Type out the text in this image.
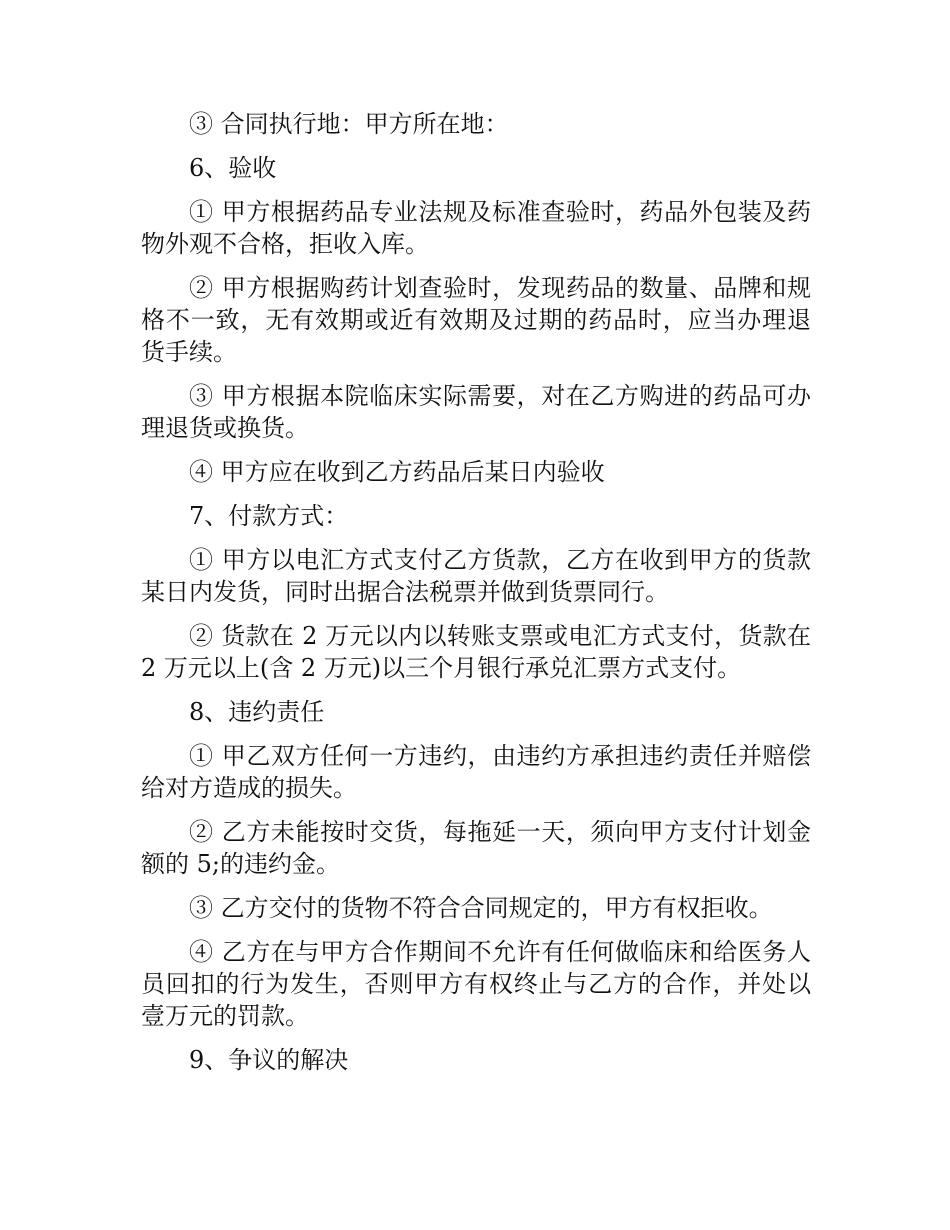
③ 合同执行地：甲方所在地：

6、验收

① 甲方根据药品专业法规及标准查验时，药品外包装及药物外观不合格，拒收入库。

② 甲方根据购药计划查验时，发现药品的数量、品牌和规格不一致，无有效期或近有效期及过期的药品时，应当办理退货手续。

③ 甲方根据本院临床实际需要，对在乙方购进的药品可办理退货或换货。

④ 甲方应在收到乙方药品后某日内验收

7、付款方式：

① 甲方以电汇方式支付乙方货款，乙方在收到甲方的货款某日内发货，同时出据合法税票并做到货票同行。

② 货款在 2 万元以内以转账支票或电汇方式支付，货款在 2 万元以上(含 2 万元)以三个月银行承兑汇票方式支付。

8、违约责任

① 甲乙双方任何一方违约，由违约方承担违约责任并赔偿给对方造成的损失。

② 乙方未能按时交货，每拖延一天，须向甲方支付计划金额的 5;的违约金。

③ 乙方交付的货物不符合合同规定的，甲方有权拒收。

④ 乙方在与甲方合作期间不允许有任何做临床和给医务人员回扣的行为发生，否则甲方有权终止与乙方的合作，并处以壹万元的罚款。

9、争议的解决
